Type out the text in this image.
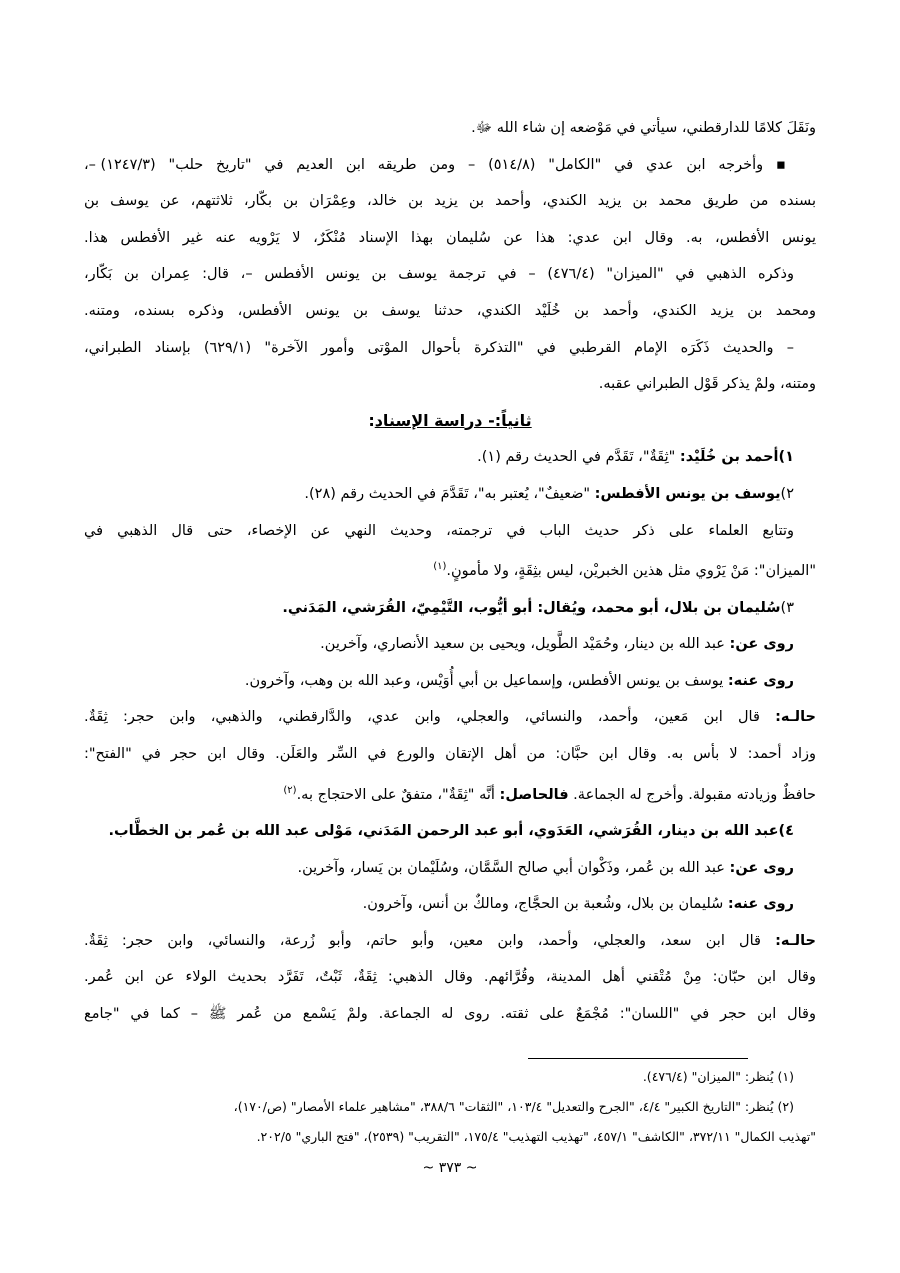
ونَقَلَ كلامًا للدارقطني، سيأتي في مَوْضعه إن شاء الله ﷻ.

▪ وأخرجه ابن عدي في "الكامل" (٥١٤/٨) – ومن طريقه ابن العديم في "تاريخ حلب" (١٢٤٧/٣) –،

بسنده من طريق محمد بن يزيد الكندي، وأحمد بن يزيد بن خالد، وعِمْرَان بن بكّار، ثلاثتهم، عن يوسف بن

يونس الأفطس، به. وقال ابن عدي: هذا عن سُليمان بهذا الإسناد مُنْكَرٌ، لا يَرْويه عنه غير الأفطس هذا.

وذكره الذهبي في "الميزان" (٤٧٦/٤) – في ترجمة يوسف بن يونس الأفطس –، قال: عِمران بن بَكّار،

ومحمد بن يزيد الكندي، وأحمد بن خُلَيْد الكندي، حدثنا يوسف بن يونس الأفطس، وذكره بسنده، ومتنه.

– والحديث ذَكَرَه الإمام القرطبي في "التذكرة بأحوال الموْتى وأمور الآخرة" (٦٢٩/١) بإسناد الطبراني،

ومتنه، ولمْ يذكر قَوْل الطبراني عقبه.

ثانياً:- دراسة الإسناد:

١)أحمد بن خُلَيْد: "ثِقَةٌ"، تَقَدَّم في الحديث رقم (١).

٢)يوسف بن يونس الأفطس: "ضعيفٌ"، يُعتبر به"، تَقَدَّمَ في الحديث رقم (٢٨).

وتتابع العلماء على ذكر حديث الباب في ترجمته، وحديث النهي عن الإخصاء، حتى قال الذهبي في

"الميزان": مَنْ يَرْوي مثل هذين الخبريْن، ليس بثِقَةٍ، ولا مأمونٍ.$^{(١)}$

٣)سُليمان بن بلال، أبو محمد، ويُقال: أبو أيُّوب، التَّيْمِيّ، القُرَشي، المَدَني.

روى عن: عبد الله بن دينار، وحُمَيْد الطَّويل، ويحيى بن سعيد الأنصاري، وآخرين.

روى عنه: يوسف بن يونس الأفطس، وإسماعيل بن أبي أُوَيْس، وعبد الله بن وهب، وآخرون.

حالـه: قال ابن مَعين، وأحمد، والنسائي، والعجلي، وابن عدي، والدَّارقطني، والذهبي، وابن حجر: ثِقَةٌ.

وزاد أحمد: لا بأس به. وقال ابن حبَّان: من أهل الإتقان والورع في السِّر والعَلَن. وقال ابن حجر في "الفتح":

حافظٌ وزيادته مقبولة. وأخرج له الجماعة. فالحاصل: أنَّه "ثِقَةٌ"، متفقٌ على الاحتجاج به.$^{(٢)}$

٤)عبد الله بن دينار، القُرَشي، العَدَوي، أبو عبد الرحمن المَدَني، مَوْلى عبد الله بن عُمر بن الخطَّاب.

روى عن: عبد الله بن عُمر، وذَكْوان أبي صالح السَّمَّان، وسُلَيْمان بن يَسار، وآخرين.

روى عنه: سُليمان بن بلال، وشُعبة بن الحجَّاج، ومالكٌ بن أنس، وآخرون.

حالـه: قال ابن سعد، والعجلي، وأحمد، وابن معين، وأبو حاتم، وأبو زُرعة، والنسائي، وابن حجر: ثِقَةٌ.

وقال ابن حبّان: مِنْ مُتْقني أهل المدينة، وقُرَّائهم. وقال الذهبي: ثِقَةٌ، ثَبْتٌ، تَفَرَّد بحديث الولاء عن ابن عُمر.

وقال ابن حجر في "اللسان": مُجْمَعٌ على ثقته. روى له الجماعة. ولمْ يَسْمع من عُمر ﷺ – كما في "جامع

(١) يُنظر: "الميزان" (٤٧٦/٤).

(٢) يُنظر: "التاريخ الكبير" ٤/٤، "الجرح والتعديل" ١٠٣/٤، "الثقات" ٣٨٨/٦، "مشاهير علماء الأمصار" (ص/١٧٠)،

"تهذيب الكمال" ٣٧٢/١١، "الكاشف" ٤٥٧/١، "تهذيب التهذيب" ١٧٥/٤، "التقريب" (٢٥٣٩)، "فتح الباري" ٢٠٢/٥.

~ ٣٧٣ ~
